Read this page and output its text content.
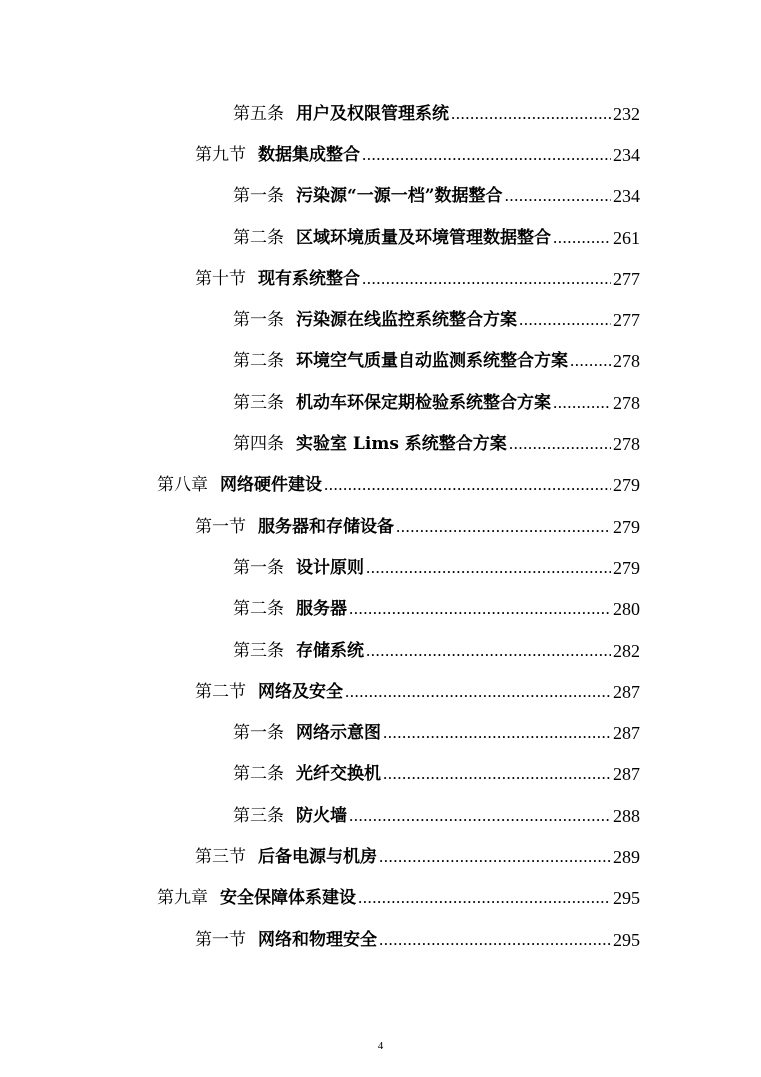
第五条 用户及权限管理系统 .....	232
第九节 数据集成整合 .....	234
第一条 污染源“一源一档”数据整合 .....	234
第二条 区域环境质量及环境管理数据整合 .....	261
第十节 现有系统整合 .....	277
第一条 污染源在线监控系统整合方案 .....	277
第二条 环境空气质量自动监测系统整合方案 .....	278
第三条 机动车环保定期检验系统整合方案 .....	278
第四条 实验室 Lims 系统整合方案 .....	278
第八章 网络硬件建设 .....	279
第一节 服务器和存储设备 .....	279
第一条 设计原则 .....	279
第二条 服务器 .....	280
第三条 存储系统 .....	282
第二节 网络及安全 .....	287
第一条 网络示意图 .....	287
第二条 光纤交换机 .....	287
第三条 防火墙 .....	288
第三节 后备电源与机房 .....	289
第九章 安全保障体系建设 .....	295
第一节 网络和物理安全 .....	295
4
